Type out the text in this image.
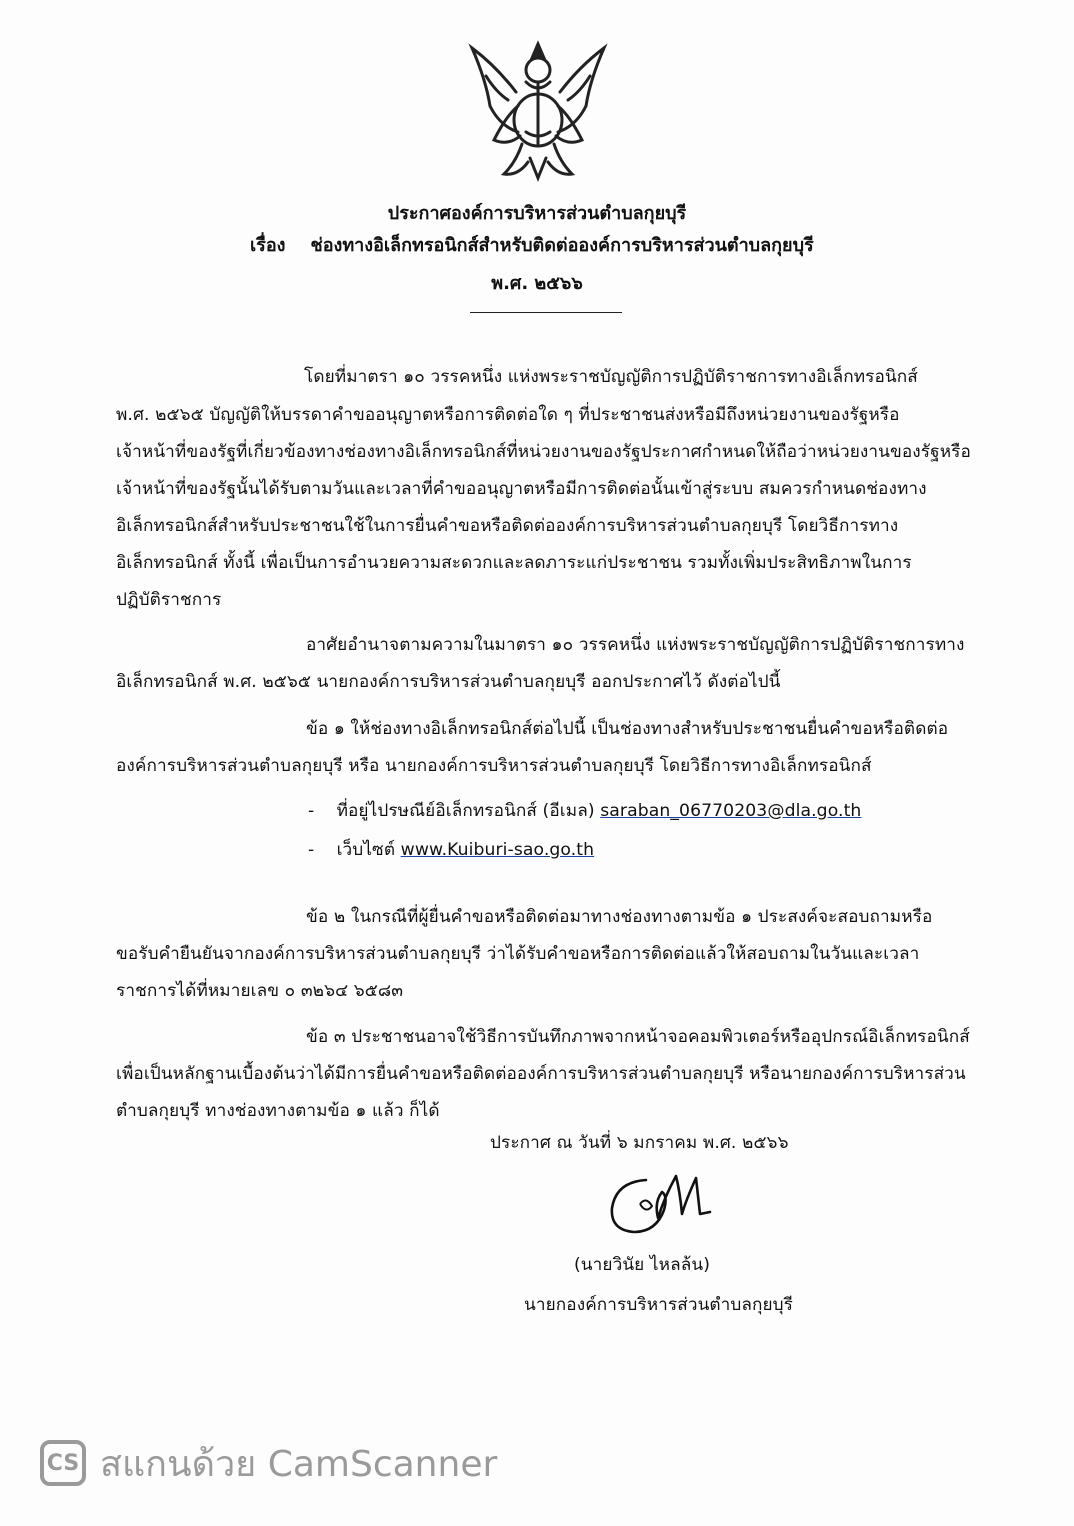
ประกาศองค์การบริหารส่วนตำบลกุยบุรี
เรื่อง ช่องทางอิเล็กทรอนิกส์สำหรับติดต่อองค์การบริหารส่วนตำบลกุยบุรี
พ.ศ. ๒๕๖๖
โดยที่มาตรา ๑๐ วรรคหนึ่ง แห่งพระราชบัญญัติการปฏิบัติราชการทางอิเล็กทรอนิกส์
พ.ศ. ๒๕๖๕ บัญญัติให้บรรดาคำขออนุญาตหรือการติดต่อใด ๆ ที่ประชาชนส่งหรือมีถึงหน่วยงานของรัฐหรือ
เจ้าหน้าที่ของรัฐที่เกี่ยวข้องทางช่องทางอิเล็กทรอนิกส์ที่หน่วยงานของรัฐประกาศกำหนดให้ถือว่าหน่วยงานของรัฐหรือ
เจ้าหน้าที่ของรัฐนั้นได้รับตามวันและเวลาที่คำขออนุญาตหรือมีการติดต่อนั้นเข้าสู่ระบบ สมควรกำหนดช่องทาง
อิเล็กทรอนิกส์สำหรับประชาชนใช้ในการยื่นคำขอหรือติดต่อองค์การบริหารส่วนตำบลกุยบุรี โดยวิธีการทาง
อิเล็กทรอนิกส์ ทั้งนี้ เพื่อเป็นการอำนวยความสะดวกและลดภาระแก่ประชาชน รวมทั้งเพิ่มประสิทธิภาพในการ
ปฏิบัติราชการ
อาศัยอำนาจตามความในมาตรา ๑๐ วรรคหนึ่ง แห่งพระราชบัญญัติการปฏิบัติราชการทาง
อิเล็กทรอนิกส์ พ.ศ. ๒๕๖๕ นายกองค์การบริหารส่วนตำบลกุยบุรี ออกประกาศไว้ ดังต่อไปนี้
ข้อ ๑ ให้ช่องทางอิเล็กทรอนิกส์ต่อไปนี้ เป็นช่องทางสำหรับประชาชนยื่นคำขอหรือติดต่อ
องค์การบริหารส่วนตำบลกุยบุรี หรือ นายกองค์การบริหารส่วนตำบลกุยบุรี โดยวิธีการทางอิเล็กทรอนิกส์
- ที่อยู่ไปรษณีย์อิเล็กทรอนิกส์ (อีเมล) saraban_06770203@dla.go.th
- เว็บไซต์ www.Kuiburi-sao.go.th
ข้อ ๒ ในกรณีที่ผู้ยื่นคำขอหรือติดต่อมาทางช่องทางตามข้อ ๑ ประสงค์จะสอบถามหรือ
ขอรับคำยืนยันจากองค์การบริหารส่วนตำบลกุยบุรี ว่าได้รับคำขอหรือการติดต่อแล้วให้สอบถามในวันและเวลา
ราชการได้ที่หมายเลข ๐ ๓๒๖๔ ๖๕๘๓
ข้อ ๓ ประชาชนอาจใช้วิธีการบันทึกภาพจากหน้าจอคอมพิวเตอร์หรืออุปกรณ์อิเล็กทรอนิกส์
เพื่อเป็นหลักฐานเบื้องต้นว่าได้มีการยื่นคำขอหรือติดต่อองค์การบริหารส่วนตำบลกุยบุรี หรือนายกองค์การบริหารส่วน
ตำบลกุยบุรี ทางช่องทางตามข้อ ๑ แล้ว ก็ได้
ประกาศ ณ วันที่ ๖ มกราคม พ.ศ. ๒๕๖๖
(นายวินัย ไหลล้น)
นายกองค์การบริหารส่วนตำบลกุยบุรี
CS สแกนด้วย CamScanner
